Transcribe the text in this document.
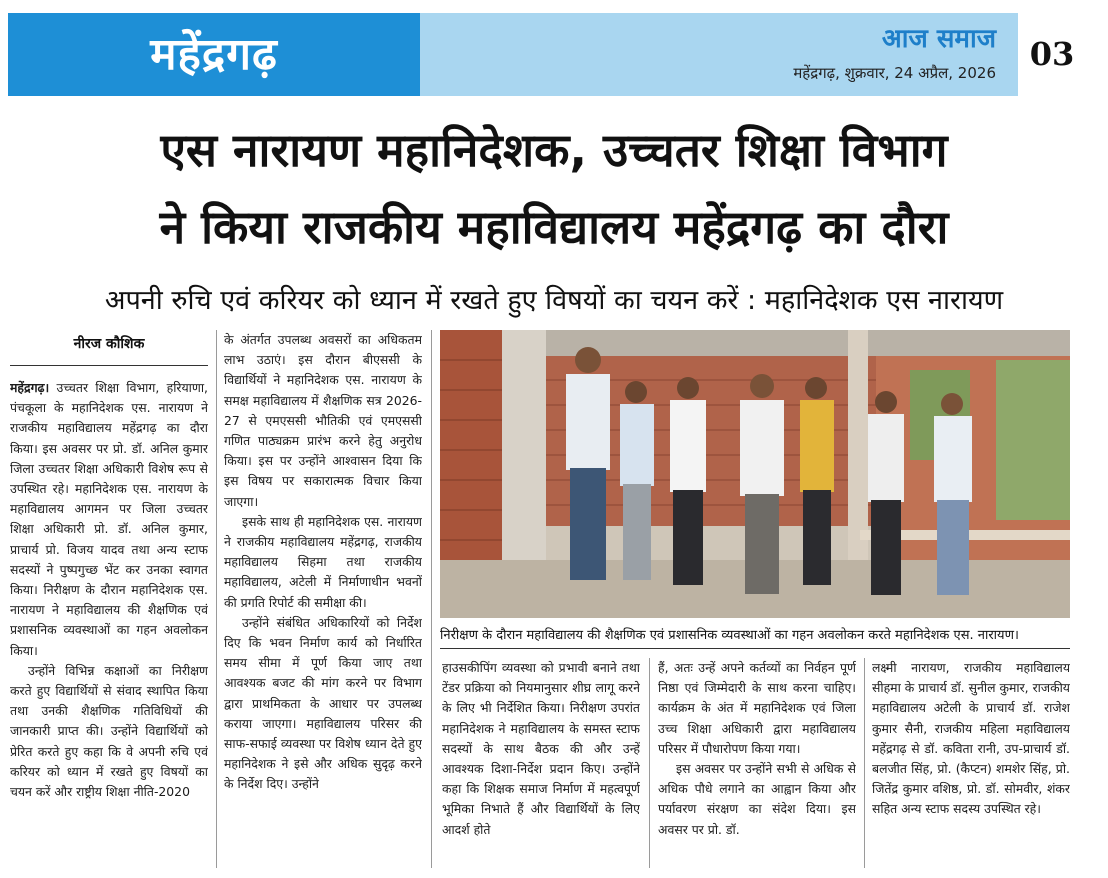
महेंद्रगढ़	आज समाज
महेंद्रगढ़, शुक्रवार, 24 अप्रैल, 2026	03
एस नारायण महानिदेशक, उच्चतर शिक्षा विभाग
ने किया राजकीय महाविद्यालय महेंद्रगढ़ का दौरा
अपनी रुचि एवं करियर को ध्यान में रखते हुए विषयों का चयन करें : महानिदेशक एस नारायण
नीरज कौशिक

महेंद्रगढ़। उच्चतर शिक्षा विभाग, हरियाणा, पंचकूला के महानिदेशक एस. नारायण ने राजकीय महाविद्यालय महेंद्रगढ़ का दौरा किया। इस अवसर पर प्रो. डॉ. अनिल कुमार जिला उच्चतर शिक्षा अधिकारी विशेष रूप से उपस्थित रहे। महानिदेशक एस. नारायण के महाविद्यालय आगमन पर जिला उच्चतर शिक्षा अधिकारी प्रो. डॉ. अनिल कुमार, प्राचार्य प्रो. विजय यादव तथा अन्य स्टाफ सदस्यों ने पुष्पगुच्छ भेंट कर उनका स्वागत किया। निरीक्षण के दौरान महानिदेशक एस. नारायण ने महाविद्यालय की शैक्षणिक एवं प्रशासनिक व्यवस्थाओं का गहन अवलोकन किया।

उन्होंने विभिन्न कक्षाओं का निरीक्षण करते हुए विद्यार्थियों से संवाद स्थापित किया तथा उनकी शैक्षणिक गतिविधियों की जानकारी प्राप्त की। उन्होंने विद्यार्थियों को प्रेरित करते हुए कहा कि वे अपनी रुचि एवं करियर को ध्यान में रखते हुए विषयों का चयन करें और राष्ट्रीय शिक्षा नीति-2020

के अंतर्गत उपलब्ध अवसरों का अधिकतम लाभ उठाएं। इस दौरान बीएससी के विद्यार्थियों ने महानिदेशक एस. नारायण के समक्ष महाविद्यालय में शैक्षणिक सत्र 2026-27 से एमएससी भौतिकी एवं एमएससी गणित पाठ्यक्रम प्रारंभ करने हेतु अनुरोध किया। इस पर उन्होंने आश्वासन दिया कि इस विषय पर सकारात्मक विचार किया जाएगा।

इसके साथ ही महानिदेशक एस. नारायण ने राजकीय महाविद्यालय महेंद्रगढ़, राजकीय महाविद्यालय सिहमा तथा राजकीय महाविद्यालय, अटेली में निर्माणाधीन भवनों की प्रगति रिपोर्ट की समीक्षा की।

उन्होंने संबंधित अधिकारियों को निर्देश दिए कि भवन निर्माण कार्य को निर्धारित समय सीमा में पूर्ण किया जाए तथा आवश्यक बजट की मांग करने पर विभाग द्वारा प्राथमिकता के आधार पर उपलब्ध कराया जाएगा। महाविद्यालय परिसर की साफ-सफाई व्यवस्था पर विशेष ध्यान देते हुए महानिदेशक ने इसे और अधिक सुदृढ़ करने के निर्देश दिए। उन्होंने

निरीक्षण के दौरान महाविद्यालय की शैक्षणिक एवं प्रशासनिक व्यवस्थाओं का गहन अवलोकन करते महानिदेशक एस. नारायण।

हाउसकीपिंग व्यवस्था को प्रभावी बनाने तथा टेंडर प्रक्रिया को नियमानुसार शीघ्र लागू करने के लिए भी निर्देशित किया। निरीक्षण उपरांत महानिदेशक ने महाविद्यालय के समस्त स्टाफ सदस्यों के साथ बैठक की और उन्हें आवश्यक दिशा-निर्देश प्रदान किए। उन्होंने कहा कि शिक्षक समाज निर्माण में महत्वपूर्ण भूमिका निभाते हैं और विद्यार्थियों के लिए आदर्श होते

हैं, अतः उन्हें अपने कर्तव्यों का निर्वहन पूर्ण निष्ठा एवं जिम्मेदारी के साथ करना चाहिए। कार्यक्रम के अंत में महानिदेशक एवं जिला उच्च शिक्षा अधिकारी द्वारा महाविद्यालय परिसर में पौधारोपण किया गया।

इस अवसर पर उन्होंने सभी से अधिक से अधिक पौधे लगाने का आह्वान किया और पर्यावरण संरक्षण का संदेश दिया। इस अवसर पर प्रो. डॉ.

लक्ष्मी नारायण, राजकीय महाविद्यालय सीहमा के प्राचार्य डॉ. सुनील कुमार, राजकीय महाविद्यालय अटेली के प्राचार्य डॉ. राजेश कुमार सैनी, राजकीय महिला महाविद्यालय महेंद्रगढ़ से डॉ. कविता रानी, उप-प्राचार्य डॉ. बलजीत सिंह, प्रो. (कैप्टन) शमशेर सिंह, प्रो. जितेंद्र कुमार वशिष्ठ, प्रो. डॉ. सोमवीर, शंकर सहित अन्य स्टाफ सदस्य उपस्थित रहे।
